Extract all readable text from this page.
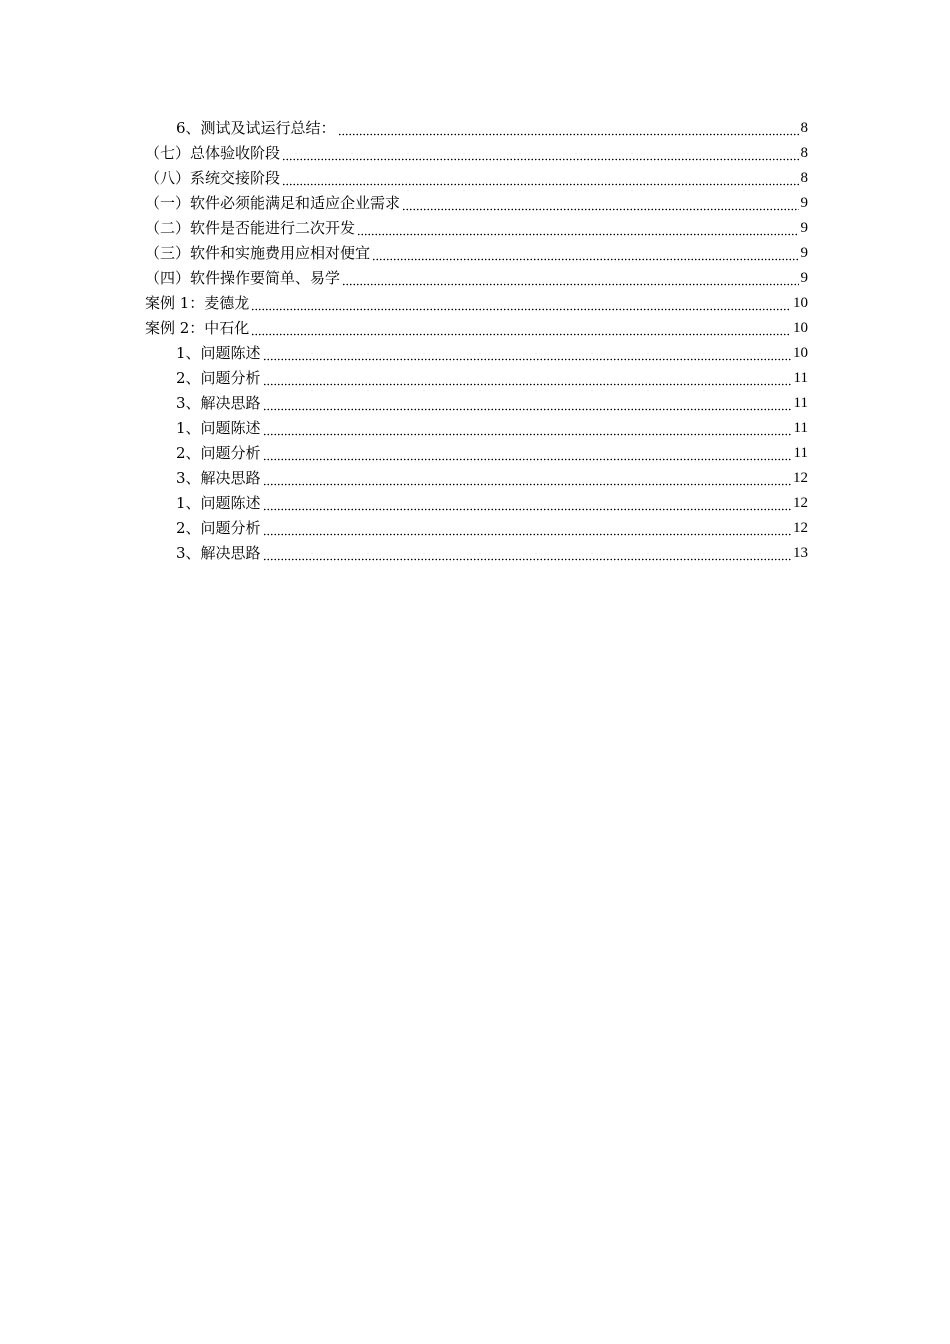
6、测试及试运行总结：	8
（七）总体验收阶段	8
（八）系统交接阶段	8
（一）软件必须能满足和适应企业需求	9
（二）软件是否能进行二次开发	9
（三）软件和实施费用应相对便宜	9
（四）软件操作要简单、易学	9
案例 1：麦德龙	10
案例 2：中石化	10
1、问题陈述	10
2、问题分析	11
3、解决思路	11
1、问题陈述	11
2、问题分析	11
3、解决思路	12
1、问题陈述	12
2、问题分析	12
3、解决思路	13
